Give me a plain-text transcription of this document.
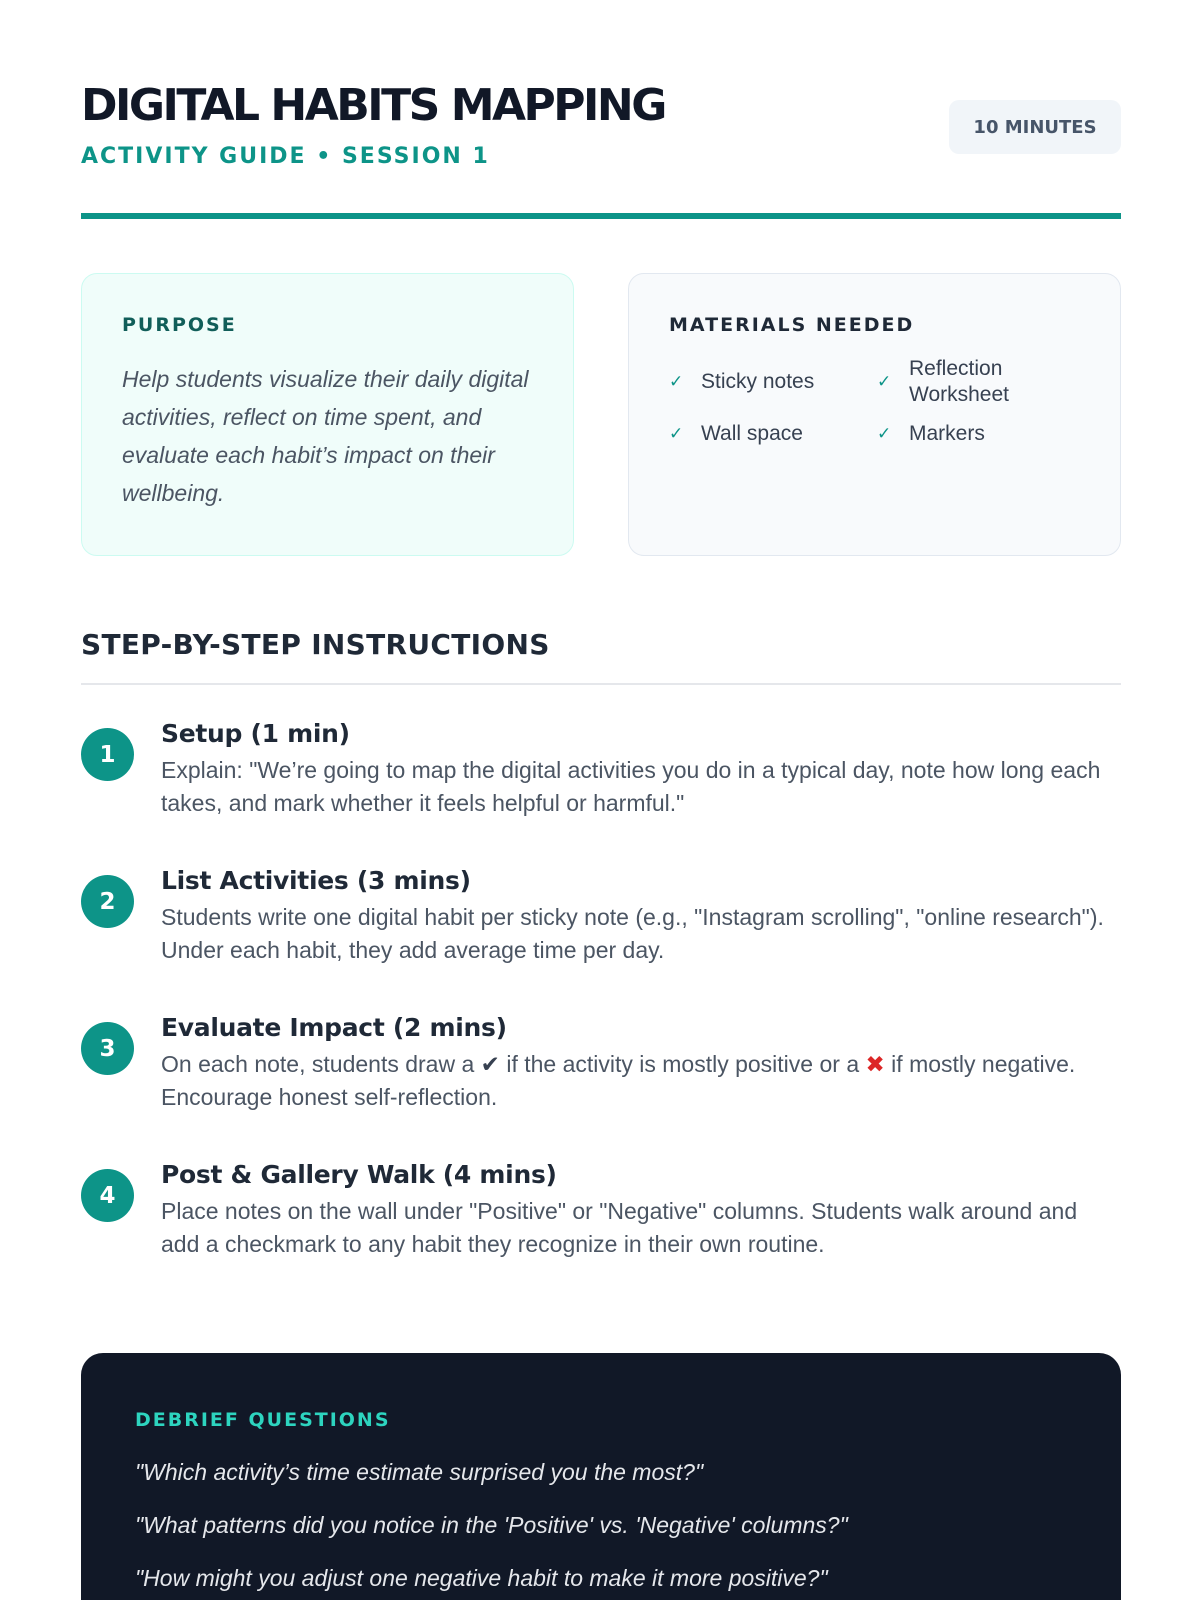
DIGITAL HABITS MAPPING
ACTIVITY GUIDE • SESSION 1
10 MINUTES
PURPOSE

Help students visualize their daily digital activities, reflect on time spent, and evaluate each habit’s impact on their wellbeing.

MATERIALS NEEDED
✓ Sticky notes	✓
Reflection Worksheet
✓ Wall space	✓ Markers
STEP-BY-STEP INSTRUCTIONS
1
Setup (1 min)

Explain: "We’re going to map the digital activities you do in a typical day, note how long each takes, and mark whether it feels helpful or harmful."

2
List Activities (3 mins)

Students write one digital habit per sticky note (e.g., "Instagram scrolling", "online research"). Under each habit, they add average time per day.

3
Evaluate Impact (2 mins)

On each note, students draw a ✔ if the activity is mostly positive or a ✖ if mostly negative. Encourage honest self-reflection.

4
Post & Gallery Walk (4 mins)

Place notes on the wall under "Positive" or "Negative" columns. Students walk around and add a checkmark to any habit they recognize in their own routine.

DEBRIEF QUESTIONS

"Which activity’s time estimate surprised you the most?"

"What patterns did you notice in the 'Positive' vs. 'Negative' columns?"

"How might you adjust one negative habit to make it more positive?"
